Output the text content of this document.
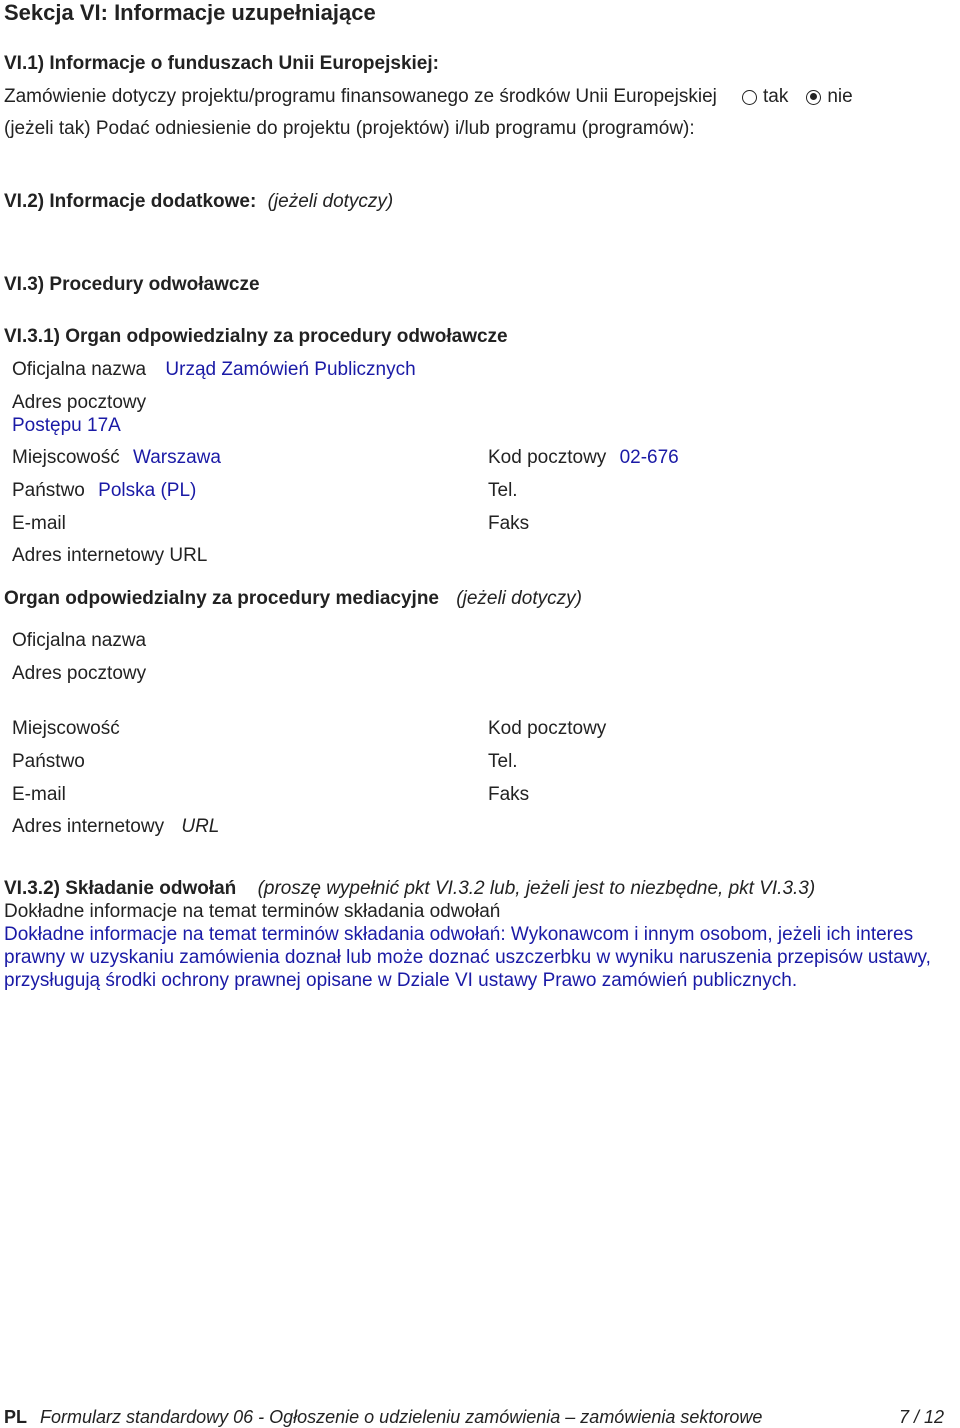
Sekcja VI: Informacje uzupełniające
VI.1) Informacje o funduszach Unii Europejskiej:
Zamówienie dotyczy projektu/programu finansowanego ze środków Unii Europejskiej tak nie
(jeżeli tak) Podać odniesienie do projektu (projektów) i/lub programu (programów):
VI.2) Informacje dodatkowe: (jeżeli dotyczy)
VI.3) Procedury odwoławcze
VI.3.1) Organ odpowiedzialny za procedury odwoławcze
Oficjalna nazwa Urząd Zamówień Publicznych
Adres pocztowy
Postępu 17A
Miejscowość Warszawa	Kod pocztowy 02-676
Państwo Polska (PL)	Tel.
E-mail	Faks
Adres internetowy URL
Organ odpowiedzialny za procedury mediacyjne (jeżeli dotyczy)
Oficjalna nazwa
Adres pocztowy
Miejscowość	Kod pocztowy
Państwo	Tel.
E-mail	Faks
Adres internetowy URL
VI.3.2) Składanie odwołań (proszę wypełnić pkt VI.3.2 lub, jeżeli jest to niezbędne, pkt VI.3.3)
Dokładne informacje na temat terminów składania odwołań
Dokładne informacje na temat terminów składania odwołań: Wykonawcom i innym osobom, jeżeli ich interes prawny w uzyskaniu zamówienia doznał lub może doznać uszczerbku w wyniku naruszenia przepisów ustawy, przysługują środki ochrony prawnej opisane w Dziale VI ustawy Prawo zamówień publicznych.
PL Formularz standardowy 06 - Ogłoszenie o udzieleniu zamówienia – zamówienia sektorowe	7 / 12
